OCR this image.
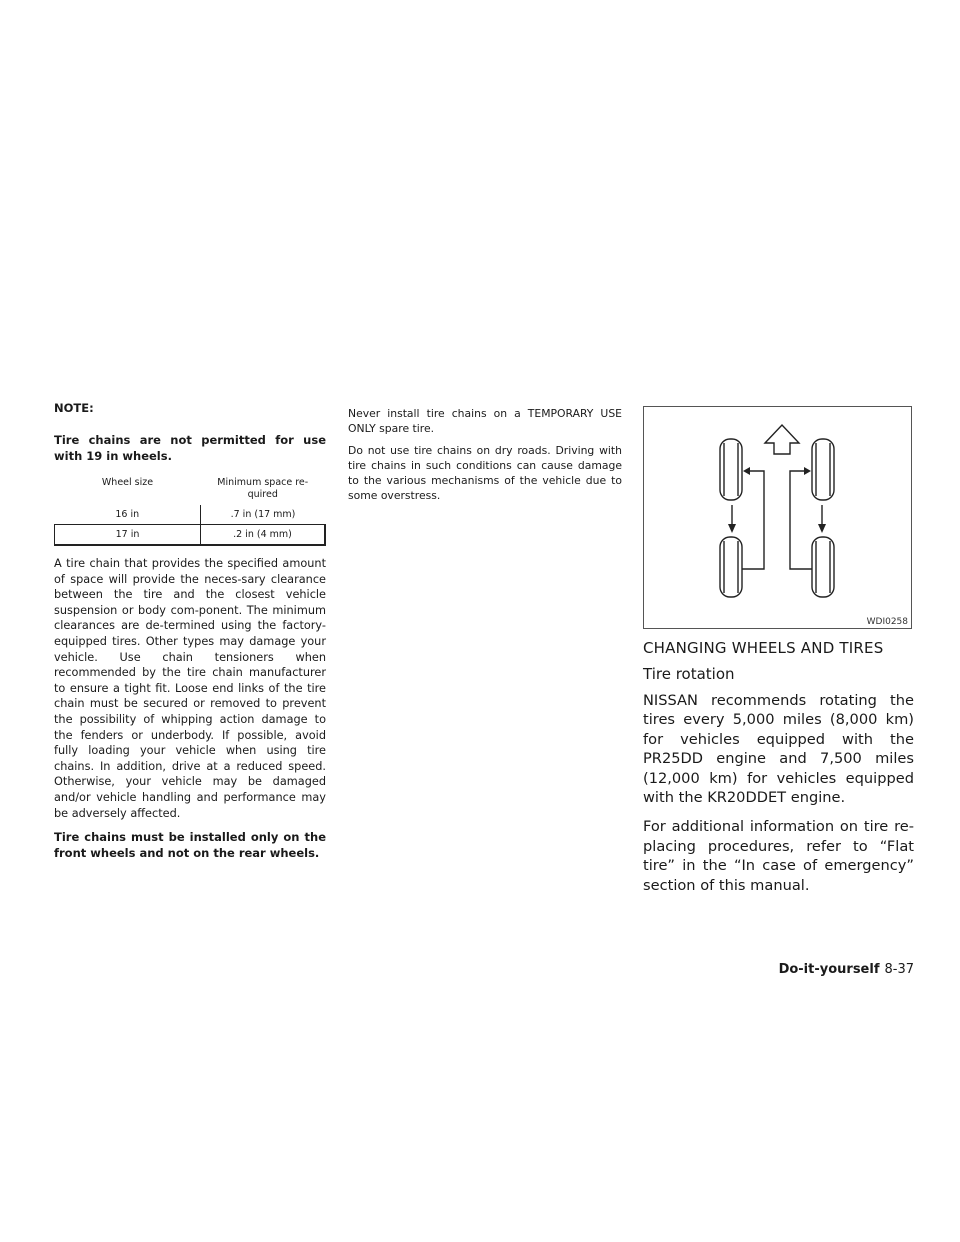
NOTE:

Tire chains are not permitted for use with 19 in wheels.

Wheel size	Minimum space re-quired
16 in	.7 in (17 mm)
17 in	.2 in (4 mm)

A tire chain that provides the specified amount of space will provide the neces-sary clearance between the tire and the closest vehicle suspension or body com-ponent. The minimum clearances are de-termined using the factory-equipped tires. Other types may damage your vehicle. Use chain tensioners when recommended by the tire chain manufacturer to ensure a tight fit. Loose end links of the tire chain must be secured or removed to prevent the possibility of whipping action damage to the fenders or underbody. If possible, avoid fully loading your vehicle when using tire chains. In addition, drive at a reduced speed. Otherwise, your vehicle may be damaged and/or vehicle handling and performance may be adversely affected.

Tire chains must be installed only on the front wheels and not on the rear wheels.

Never install tire chains on a TEMPORARY USE ONLY spare tire.

Do not use tire chains on dry roads. Driving with tire chains in such conditions can cause damage to the various mechanisms of the vehicle due to some overstress.

WDI0258
CHANGING WHEELS AND TIRES
Tire rotation

NISSAN recommends rotating the tires every 5,000 miles (8,000 km) for vehicles equipped with the PR25DD engine and 7,500 miles (12,000 km) for vehicles equipped with the KR20DDET engine.

For additional information on tire re-placing procedures, refer to “Flat tire” in the “In case of emergency” section of this manual.

Do-it-yourself 8-37
